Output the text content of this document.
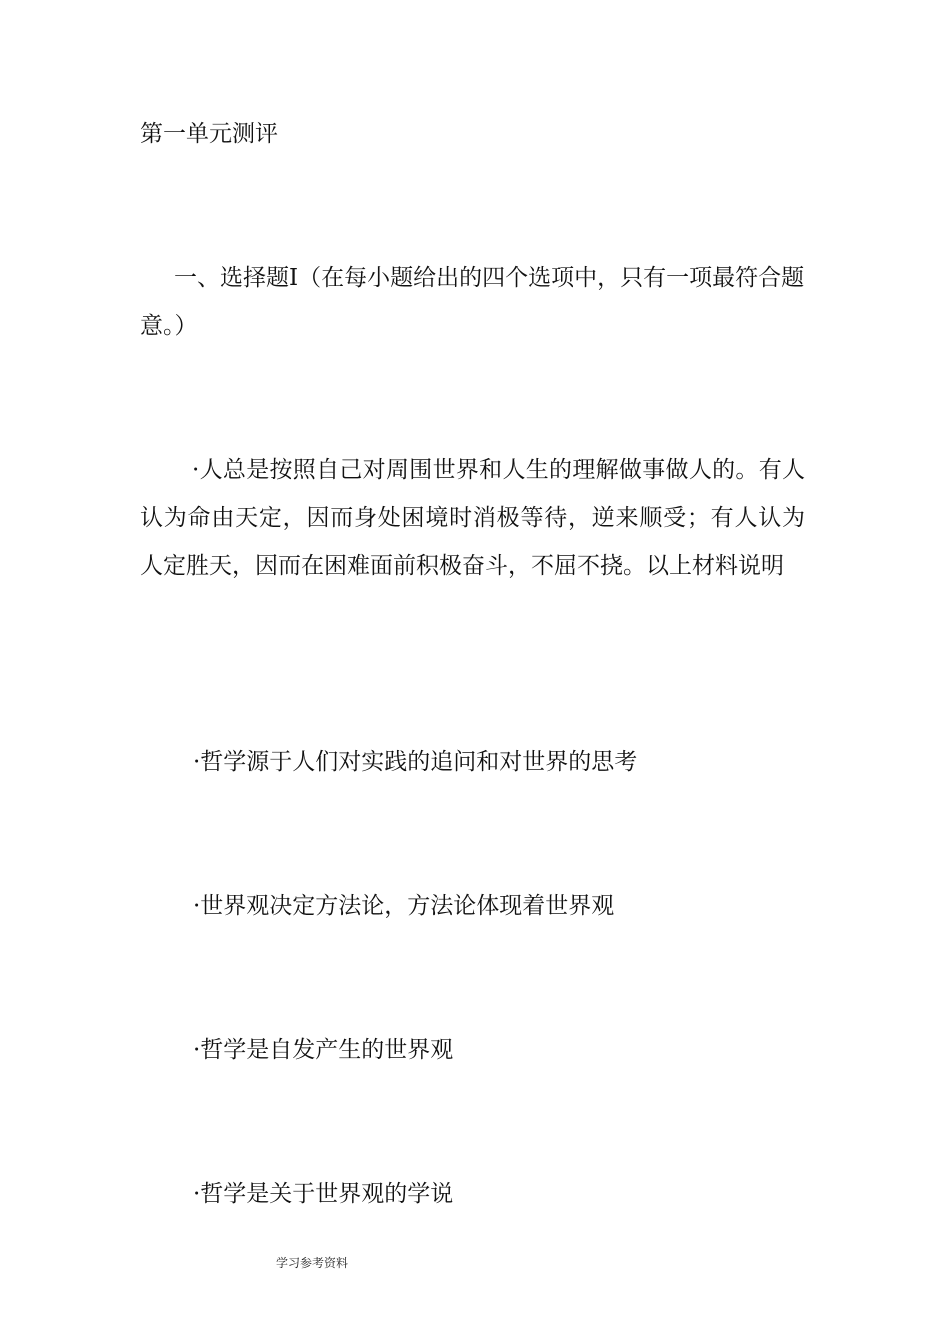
第一单元测评
一、选择题Ⅰ（在每小题给出的四个选项中，只有一项最符合题意。）
·人总是按照自己对周围世界和人生的理解做事做人的。有人认为命由天定，因而身处困境时消极等待，逆来顺受；有人认为人定胜天，因而在困难面前积极奋斗，不屈不挠。以上材料说明
·哲学源于人们对实践的追问和对世界的思考
·世界观决定方法论，方法论体现着世界观
·哲学是自发产生的世界观
·哲学是关于世界观的学说
学习参考资料
